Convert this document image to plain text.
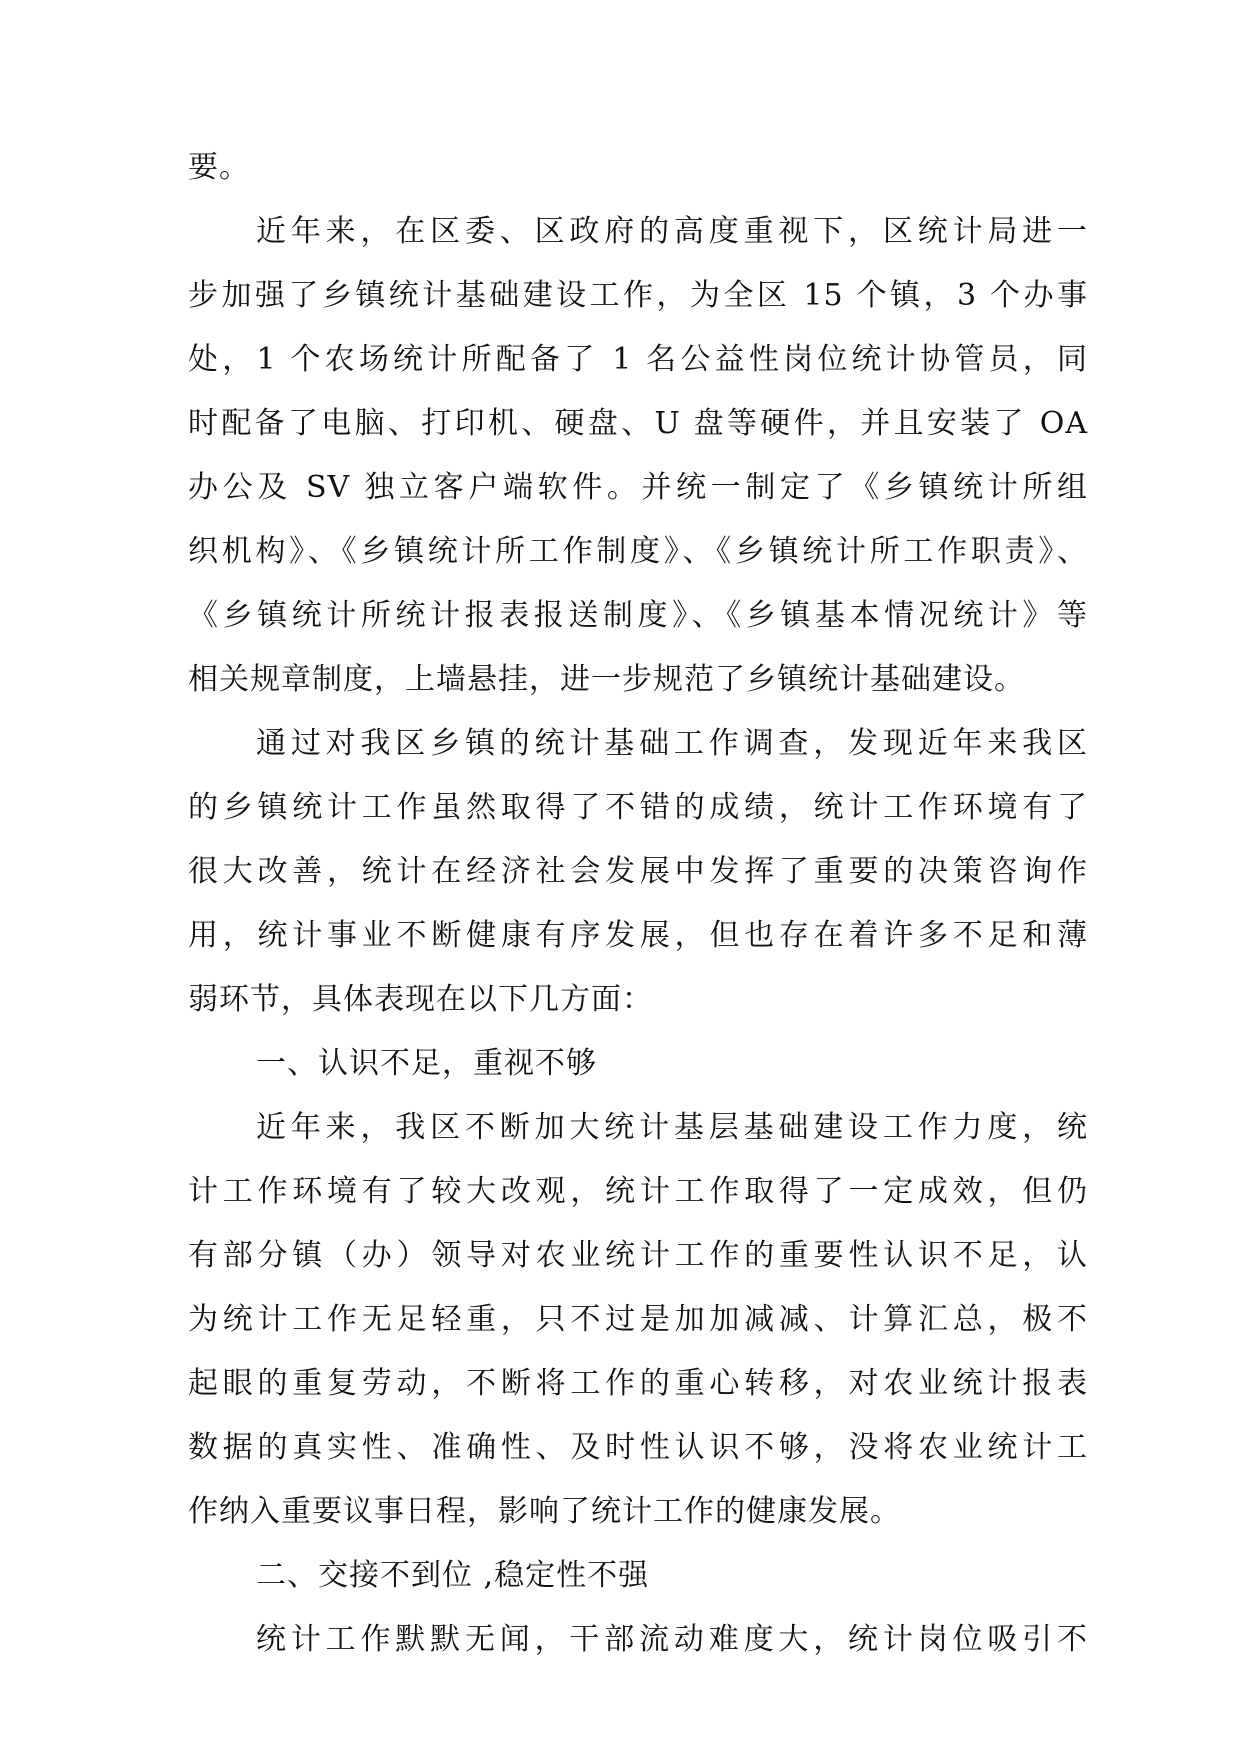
要。
近年来，在区委、区政府的高度重视下，区统计局进一
步加强了乡镇统计基础建设工作，为全区 15 个镇，3 个办事
处，1 个农场统计所配备了 1 名公益性岗位统计协管员，同
时配备了电脑、打印机、硬盘、U 盘等硬件，并且安装了 OA
办公及 SV 独立客户端软件。并统一制定了《乡镇统计所组
织机构》、《乡镇统计所工作制度》、《乡镇统计所工作职责》、
《乡镇统计所统计报表报送制度》、《乡镇基本情况统计》等
相关规章制度，上墙悬挂，进一步规范了乡镇统计基础建设。
通过对我区乡镇的统计基础工作调查，发现近年来我区
的乡镇统计工作虽然取得了不错的成绩，统计工作环境有了
很大改善，统计在经济社会发展中发挥了重要的决策咨询作
用，统计事业不断健康有序发展，但也存在着许多不足和薄
弱环节，具体表现在以下几方面：
一、认识不足，重视不够
近年来，我区不断加大统计基层基础建设工作力度，统
计工作环境有了较大改观，统计工作取得了一定成效，但仍
有部分镇（办）领导对农业统计工作的重要性认识不足，认
为统计工作无足轻重，只不过是加加减减、计算汇总，极不
起眼的重复劳动，不断将工作的重心转移，对农业统计报表
数据的真实性、准确性、及时性认识不够，没将农业统计工
作纳入重要议事日程，影响了统计工作的健康发展。
二、交接不到位 ,稳定性不强
统计工作默默无闻，干部流动难度大，统计岗位吸引不
